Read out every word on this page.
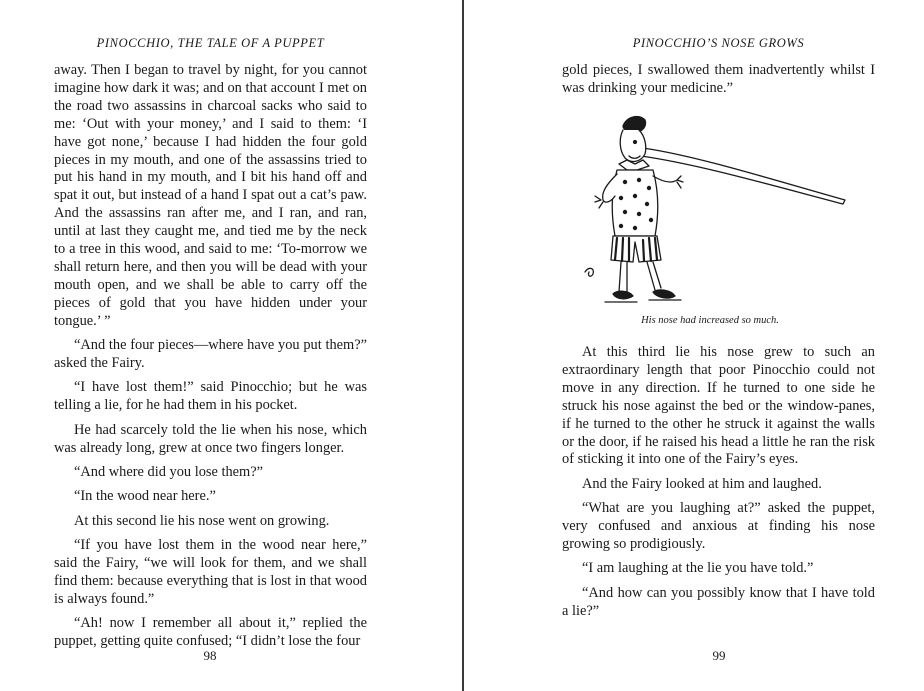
PINOCCHIO, THE TALE OF A PUPPET

away. Then I began to travel by night, for you cannot imagine how dark it was; and on that account I met on the road two assassins in charcoal sacks who said to me: ‘Out with your money,’ and I said to them: ‘I have got none,’ because I had hidden the four gold pieces in my mouth, and one of the assassins tried to put his hand in my mouth, and I bit his hand off and spat it out, but instead of a hand I spat out a cat’s paw. And the assassins ran after me, and I ran, and ran, until at last they caught me, and tied me by the neck to a tree in this wood, and said to me: ‘To-morrow we shall return here, and then you will be dead with your mouth open, and we shall be able to carry off the pieces of gold that you have hidden under your tongue.’ ”

“And the four pieces—where have you put them?” asked the Fairy.

“I have lost them!” said Pinocchio; but he was telling a lie, for he had them in his pocket.

He had scarcely told the lie when his nose, which was already long, grew at once two fingers longer.

“And where did you lose them?”

“In the wood near here.”

At this second lie his nose went on growing.

“If you have lost them in the wood near here,” said the Fairy, “we will look for them, and we shall find them: because everything that is lost in that wood is always found.”

“Ah! now I remember all about it,” replied the puppet, getting quite confused; “I didn’t lose the four

98
PINOCCHIO’S NOSE GROWS

gold pieces, I swallowed them inadvertently whilst I was drinking your medicine.”

At this third lie his nose grew to such an extraordinary length that poor Pinocchio could not move in any direction. If he turned to one side he struck his nose against the bed or the window-panes, if he turned to the other he struck it against the walls or the door, if he raised his head a little he ran the risk of sticking it into one of the Fairy’s eyes.

And the Fairy looked at him and laughed.

“What are you laughing at?” asked the puppet, very confused and anxious at finding his nose growing so prodigiously.

“I am laughing at the lie you have told.”

“And how can you possibly know that I have told a lie?”

99
His nose had increased so much.
